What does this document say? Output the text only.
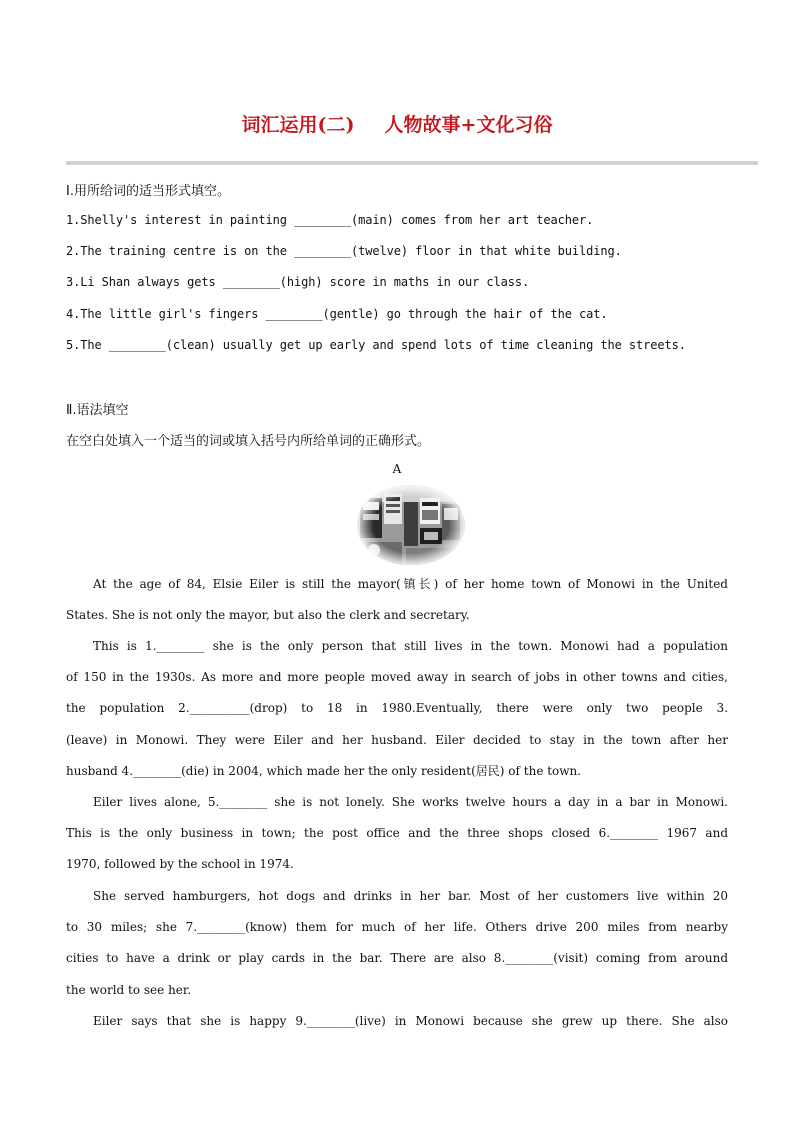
词汇运用(二) 人物故事+文化习俗
Ⅰ.用所给词的适当形式填空。
1.Shelly's interest in painting ________(main) comes from her art teacher.
2.The training centre is on the ________(twelve) floor in that white building.
3.Li Shan always gets ________(high) score in maths in our class.
4.The little girl's fingers ________(gentle) go through the hair of the cat.
5.The ________(clean) usually get up early and spend lots of time cleaning the streets.
Ⅱ.语法填空
在空白处填入一个适当的词或填入括号内所给单词的正确形式。
A
At the age of 84, Elsie Eiler is still the mayor(镇长) of her home town of Monowi in the United
States. She is not only the mayor, but also the clerk and secretary.
This is 1.________ she is the only person that still lives in the town. Monowi had a population
of 150 in the 1930s. As more and more people moved away in search of jobs in other towns and cities,
the population 2.__________(drop) to 18 in 1980.Eventually, there were only two people 3.
(leave) in Monowi. They were Eiler and her husband. Eiler decided to stay in the town after her
husband 4.________(die) in 2004, which made her the only resident(居民) of the town.
Eiler lives alone, 5.________ she is not lonely. She works twelve hours a day in a bar in Monowi.
This is the only business in town; the post office and the three shops closed 6.________ 1967 and
1970, followed by the school in 1974.
She served hamburgers, hot dogs and drinks in her bar. Most of her customers live within 20
to 30 miles; she 7.________(know) them for much of her life. Others drive 200 miles from nearby
cities to have a drink or play cards in the bar. There are also 8.________(visit) coming from around
the world to see her.
Eiler says that she is happy 9.________(live) in Monowi because she grew up there. She also
